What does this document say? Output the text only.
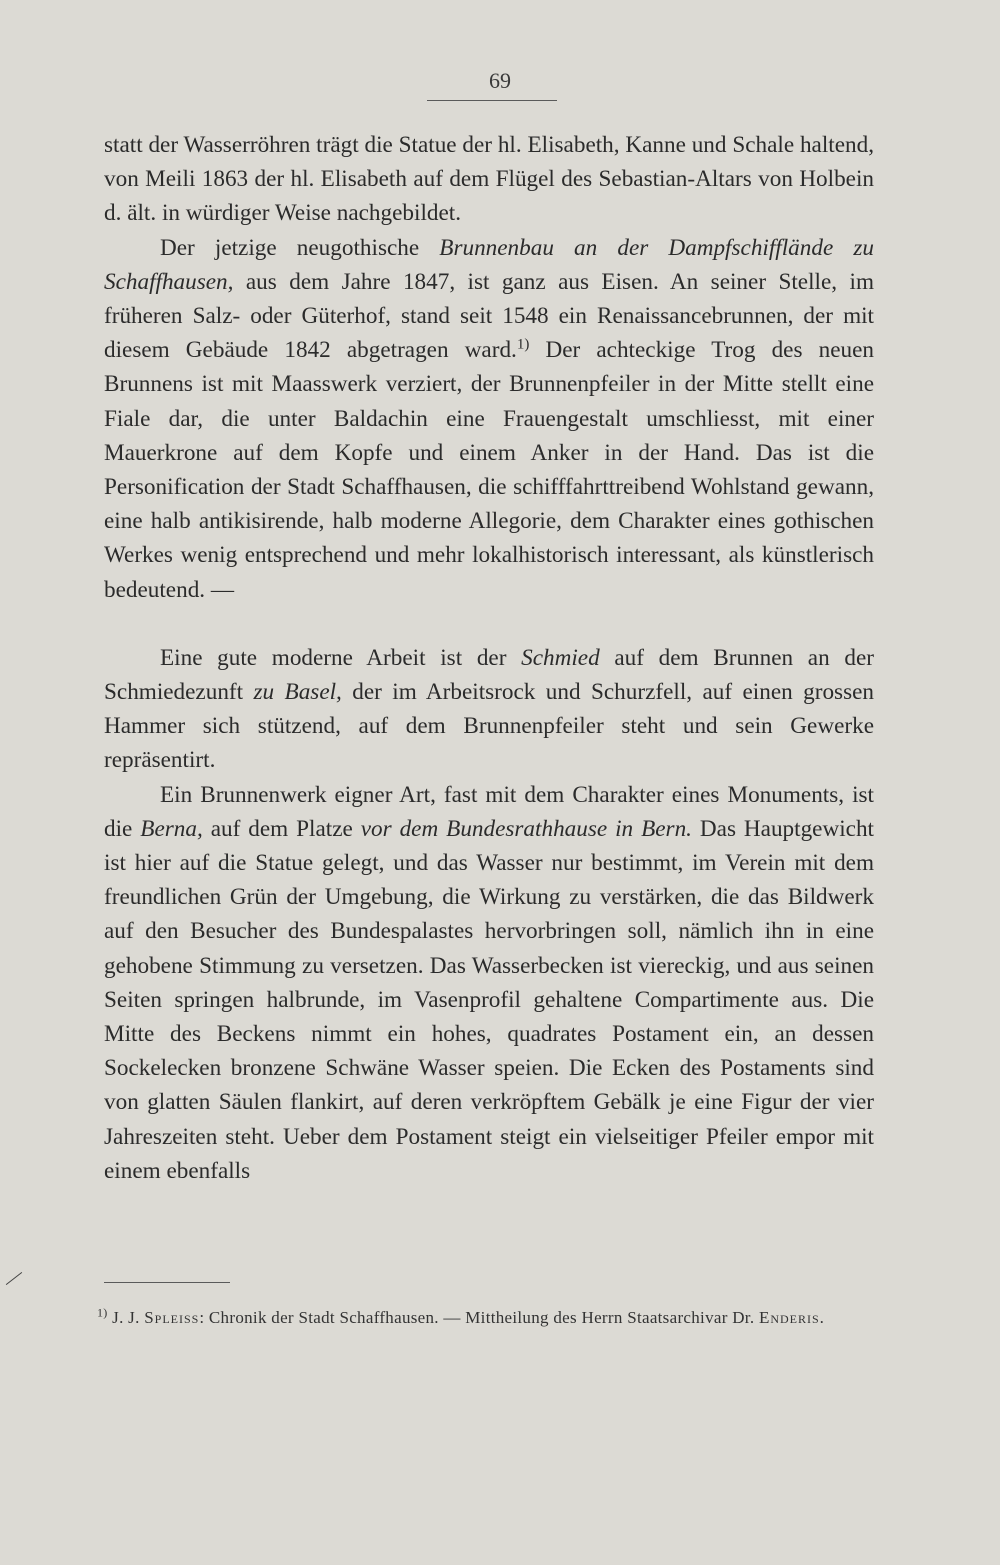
69

statt der Wasserröhren trägt die Statue der hl. Elisabeth, Kanne und Schale haltend, von Meili 1863 der hl. Elisabeth auf dem Flügel des Sebastian-Altars von Holbein d. ält. in würdiger Weise nachgebildet.

Der jetzige neugothische Brunnenbau an der Dampfschifflände zu Schaffhausen, aus dem Jahre 1847, ist ganz aus Eisen. An seiner Stelle, im früheren Salz- oder Güterhof, stand seit 1548 ein Renaissancebrunnen, der mit diesem Gebäude 1842 abgetragen ward.$^{1)}$ Der achteckige Trog des neuen Brunnens ist mit Maasswerk verziert, der Brunnenpfeiler in der Mitte stellt eine Fiale dar, die unter Baldachin eine Frauengestalt umschliesst, mit einer Mauerkrone auf dem Kopfe und einem Anker in der Hand. Das ist die Personification der Stadt Schaffhausen, die schifffahrttreibend Wohlstand gewann, eine halb antikisirende, halb moderne Allegorie, dem Charakter eines gothischen Werkes wenig entsprechend und mehr lokalhistorisch interessant, als künstlerisch bedeutend. —

Eine gute moderne Arbeit ist der Schmied auf dem Brunnen an der Schmiedezunft zu Basel, der im Arbeitsrock und Schurzfell, auf einen grossen Hammer sich stützend, auf dem Brunnenpfeiler steht und sein Gewerke repräsentirt.

Ein Brunnenwerk eigner Art, fast mit dem Charakter eines Monuments, ist die Berna, auf dem Platze vor dem Bundesrathhause in Bern. Das Hauptgewicht ist hier auf die Statue gelegt, und das Wasser nur bestimmt, im Verein mit dem freundlichen Grün der Umgebung, die Wirkung zu verstärken, die das Bildwerk auf den Besucher des Bundespalastes hervorbringen soll, nämlich ihn in eine gehobene Stimmung zu versetzen. Das Wasserbecken ist viereckig, und aus seinen Seiten springen halbrunde, im Vasenprofil gehaltene Compartimente aus. Die Mitte des Beckens nimmt ein hohes, quadrates Postament ein, an dessen Sockelecken bronzene Schwäne Wasser speien. Die Ecken des Postaments sind von glatten Säulen flankirt, auf deren verkröpftem Gebälk je eine Figur der vier Jahreszeiten steht. Ueber dem Postament steigt ein vielseitiger Pfeiler empor mit einem ebenfalls

$^{1)}$ J. J. Spleiss: Chronik der Stadt Schaffhausen. — Mittheilung des Herrn Staatsarchivar Dr. Enderis.
